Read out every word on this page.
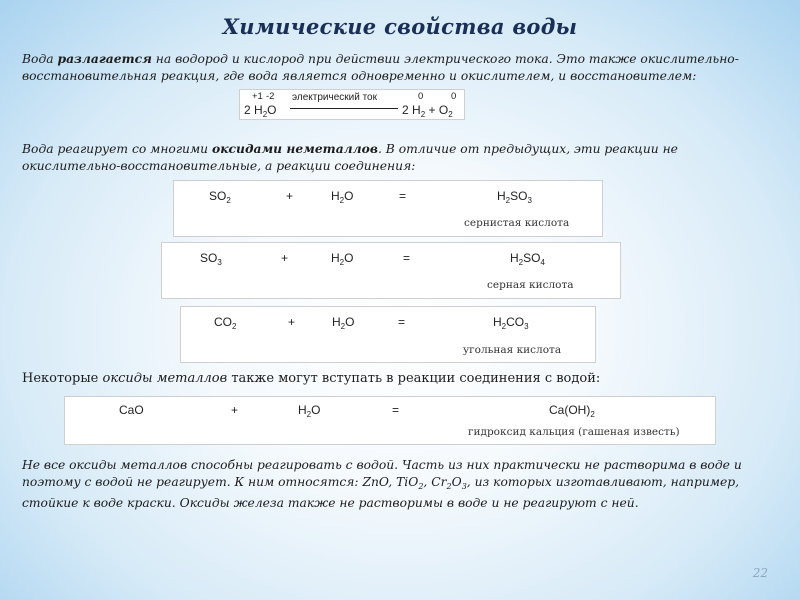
Химические свойства воды
Вода разлагается на водород и кислород при действии электрического тока. Это также окислительно-восстановительная реакция, где вода является одновременно и окислителем, и восстановителем:
+1 -2
2 $H_2O$
электрический ток	0	0
2 $H_2 + O_2$
Вода реагирует со многими оксидами неметаллов. В отличие от предыдущих, эти реакции не окислительно-восстановительные, а реакции соединения:
$SO_2$	+	$H_2O$	=	$H_2SO_3$
сернистая кислота
$SO_3$	+	$H_2O$	=	$H_2SO_4$
серная кислота
$CO_2$	+	$H_2O$	=	$H_2CO_3$
угольная кислота
Некоторые оксиды металлов также могут вступать в реакции соединения с водой:
CaO	+	$H_2O$	=	$Ca(OH)_2$
гидроксид кальция (гашеная известь)
Не все оксиды металлов способны реагировать с водой. Часть из них практически не растворима в воде и поэтому с водой не реагирует. К ним относятся: ZnO, TiO$_2$, $Cr_2O_3$, из которых изготавливают, например, стойкие к воде краски. Оксиды железа также не растворимы в воде и не реагируют с ней.
22
